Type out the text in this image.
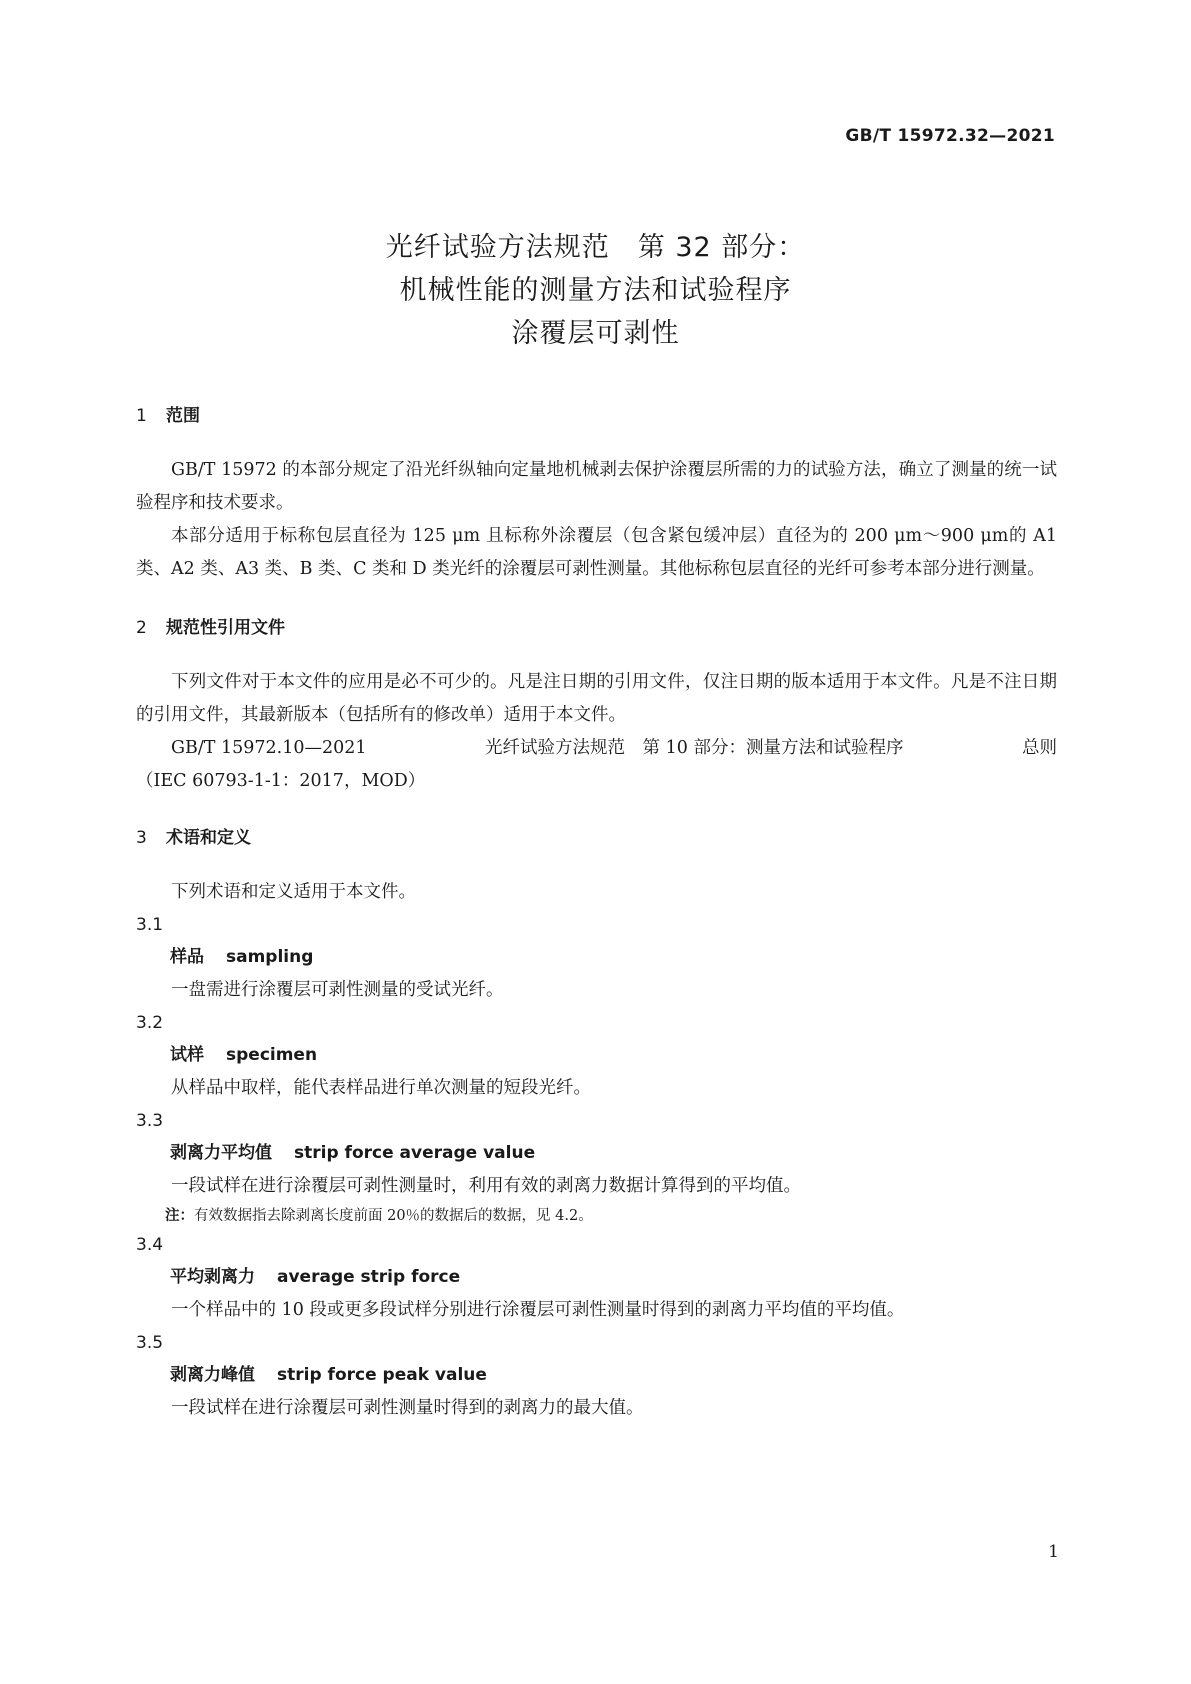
GB/T 15972.32—2021
光纤试验方法规范　第 32 部分：
机械性能的测量方法和试验程序
涂覆层可剥性
1 范围

GB/T 15972 的本部分规定了沿光纤纵轴向定量地机械剥去保护涂覆层所需的力的试验方法，确立了测量的统一试验程序和技术要求。

本部分适用于标称包层直径为 125 μm 且标称外涂覆层（包含紧包缓冲层）直径为的 200 μm～900 μm的 A1 类、A2 类、A3 类、B 类、C 类和 D 类光纤的涂覆层可剥性测量。其他标称包层直径的光纤可参考本部分进行测量。

2 规范性引用文件

下列文件对于本文件的应用是必不可少的。凡是注日期的引用文件，仅注日期的版本适用于本文件。凡是不注日期的引用文件，其最新版本（包括所有的修改单）适用于本文件。

GB/T 15972.10—2021	光纤试验方法规范　第 10 部分：测量方法和试验程序	总则
（IEC 60793-1-1：2017，MOD）
3 术语和定义

下列术语和定义适用于本文件。

3.1
样品 sampling
一盘需进行涂覆层可剥性测量的受试光纤。
3.2
试样 specimen
从样品中取样，能代表样品进行单次测量的短段光纤。
3.3
剥离力平均值 strip force average value
一段试样在进行涂覆层可剥性测量时，利用有效的剥离力数据计算得到的平均值。
注：有效数据指去除剥离长度前面 20％的数据后的数据，见 4.2。
3.4
平均剥离力 average strip force
一个样品中的 10 段或更多段试样分别进行涂覆层可剥性测量时得到的剥离力平均值的平均值。
3.5
剥离力峰值 strip force peak value
一段试样在进行涂覆层可剥性测量时得到的剥离力的最大值。
1
